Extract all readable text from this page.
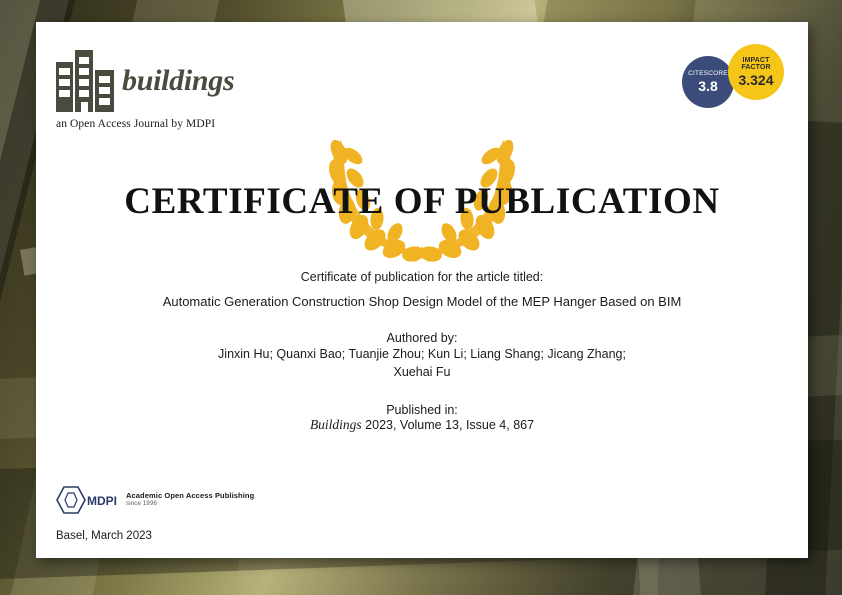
buildings
an Open Access Journal by MDPI
CITESCORE
3.8
IMPACT
FACTOR
3.324
CERTIFICATE OF PUBLICATION
Certificate of publication for the article titled:
Automatic Generation Construction Shop Design Model of the MEP Hanger Based on BIM
Authored by:
Jinxin Hu; Quanxi Bao; Tuanjie Zhou; Kun Li; Liang Shang; Jicang Zhang;
Xuehai Fu
Published in:
Buildings 2023, Volume 13, Issue 4, 867
MDPI Academic Open Access Publishing
since 1996
Basel, March 2023
